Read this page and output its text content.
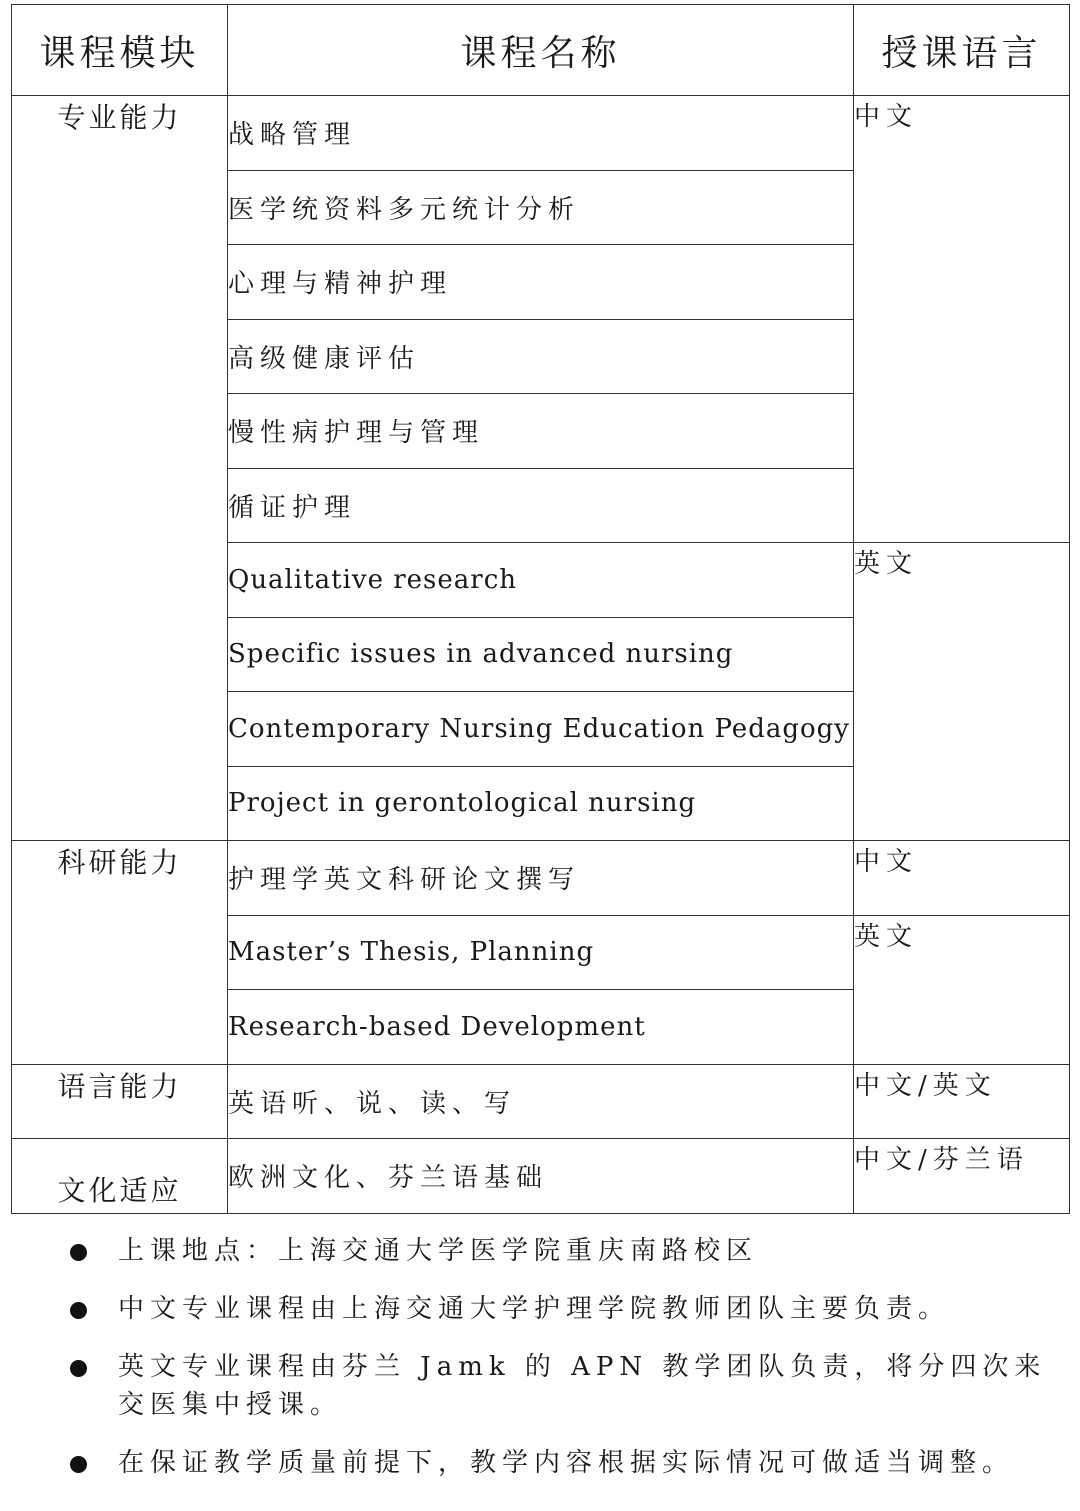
课程模块	课程名称	授课语言
专业能力	战略管理	中文
	医学统资料多元统计分析	
	心理与精神护理	
	高级健康评估	
	慢性病护理与管理	
	循证护理	
	Qualitative research	英文
	Specific issues in advanced nursing	
	Contemporary Nursing Education Pedagogy	
	Project in gerontological nursing	
科研能力	护理学英文科研论文撰写	中文
	Master’s Thesis, Planning	英文
	Research-based Development	
语言能力	英语听、说、读、写	中文/英文
文化适应	欧洲文化、芬兰语基础	中文/芬兰语
上课地点：上海交通大学医学院重庆南路校区
中文专业课程由上海交通大学护理学院教师团队主要负责。
英文专业课程由芬兰 Jamk 的 APN 教学团队负责，将分四次来交医集中授课。
在保证教学质量前提下，教学内容根据实际情况可做适当调整。
